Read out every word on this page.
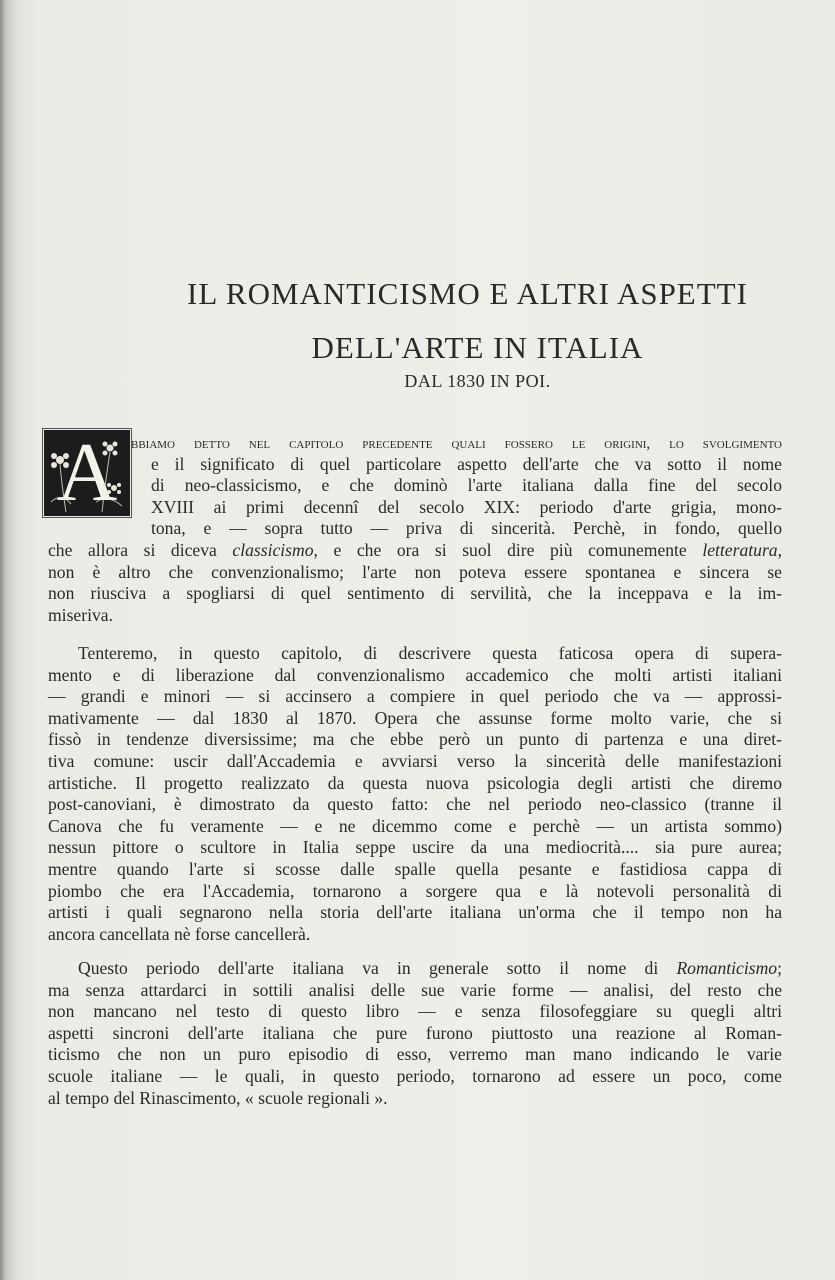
IL ROMANTICISMO E ALTRI ASPETTI
DELL'ARTE IN ITALIA
DAL 1830 IN POI.
A bbiamo detto nel capitolo precedente quali fossero le origini, lo svolgimento
e il significato di quel particolare aspetto dell'arte che va sotto il nome
di neo-classicismo, e che dominò l'arte italiana dalla fine del secolo
XVIII ai primi decennî del secolo XIX: periodo d'arte grigia, mono-
tona, e — sopra tutto — priva di sincerità. Perchè, in fondo, quello
che allora si diceva classicismo, e che ora si suol dire più comunemente letteratura,
non è altro che convenzionalismo; l'arte non poteva essere spontanea e sincera se
non riusciva a spogliarsi di quel sentimento di servilità, che la inceppava e la im-
miseriva.
Tenteremo, in questo capitolo, di descrivere questa faticosa opera di supera-
mento e di liberazione dal convenzionalismo accademico che molti artisti italiani
— grandi e minori — si accinsero a compiere in quel periodo che va — approssi-
mativamente — dal 1830 al 1870. Opera che assunse forme molto varie, che si
fissò in tendenze diversissime; ma che ebbe però un punto di partenza e una diret-
tiva comune: uscir dall'Accademia e avviarsi verso la sincerità delle manifestazioni
artistiche. Il progetto realizzato da questa nuova psicologia degli artisti che diremo
post-canoviani, è dimostrato da questo fatto: che nel periodo neo-classico (tranne il
Canova che fu veramente — e ne dicemmo come e perchè — un artista sommo)
nessun pittore o scultore in Italia seppe uscire da una mediocrità.... sia pure aurea;
mentre quando l'arte si scosse dalle spalle quella pesante e fastidiosa cappa di
piombo che era l'Accademia, tornarono a sorgere qua e là notevoli personalità di
artisti i quali segnarono nella storia dell'arte italiana un'orma che il tempo non ha
ancora cancellata nè forse cancellerà.
Questo periodo dell'arte italiana va in generale sotto il nome di Romanticismo;
ma senza attardarci in sottili analisi delle sue varie forme — analisi, del resto che
non mancano nel testo di questo libro — e senza filosofeggiare su quegli altri
aspetti sincroni dell'arte italiana che pure furono piuttosto una reazione al Roman-
ticismo che non un puro episodio di esso, verremo man mano indicando le varie
scuole italiane — le quali, in questo periodo, tornarono ad essere un poco, come
al tempo del Rinascimento, « scuole regionali ».
